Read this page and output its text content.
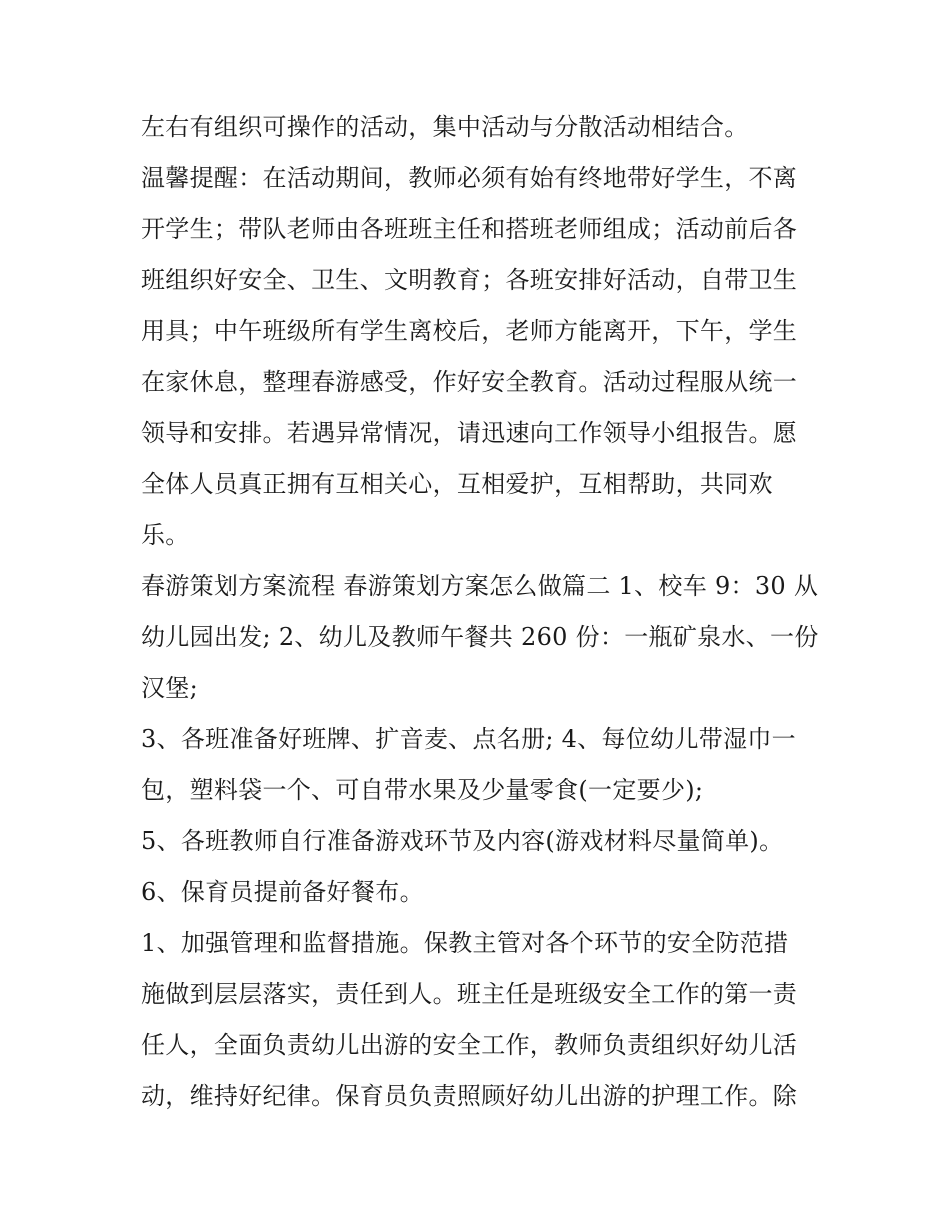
左右有组织可操作的活动，集中活动与分散活动相结合。
温馨提醒：在活动期间，教师必须有始有终地带好学生，不离
开学生；带队老师由各班班主任和搭班老师组成；活动前后各
班组织好安全、卫生、文明教育；各班安排好活动，自带卫生
用具；中午班级所有学生离校后，老师方能离开，下午，学生
在家休息，整理春游感受，作好安全教育。活动过程服从统一
领导和安排。若遇异常情况，请迅速向工作领导小组报告。愿
全体人员真正拥有互相关心，互相爱护，互相帮助，共同欢
乐。
春游策划方案流程 春游策划方案怎么做篇二 1、校车 9：30 从
幼儿园出发; 2、幼儿及教师午餐共 260 份：一瓶矿泉水、一份
汉堡;
3、各班准备好班牌、扩音麦、点名册; 4、每位幼儿带湿巾一
包，塑料袋一个、可自带水果及少量零食(一定要少);
5、各班教师自行准备游戏环节及内容(游戏材料尽量简单)。
6、保育员提前备好餐布。
1、加强管理和监督措施。保教主管对各个环节的安全防范措
施做到层层落实，责任到人。班主任是班级安全工作的第一责
任人，全面负责幼儿出游的安全工作，教师负责组织好幼儿活
动，维持好纪律。保育员负责照顾好幼儿出游的护理工作。除
